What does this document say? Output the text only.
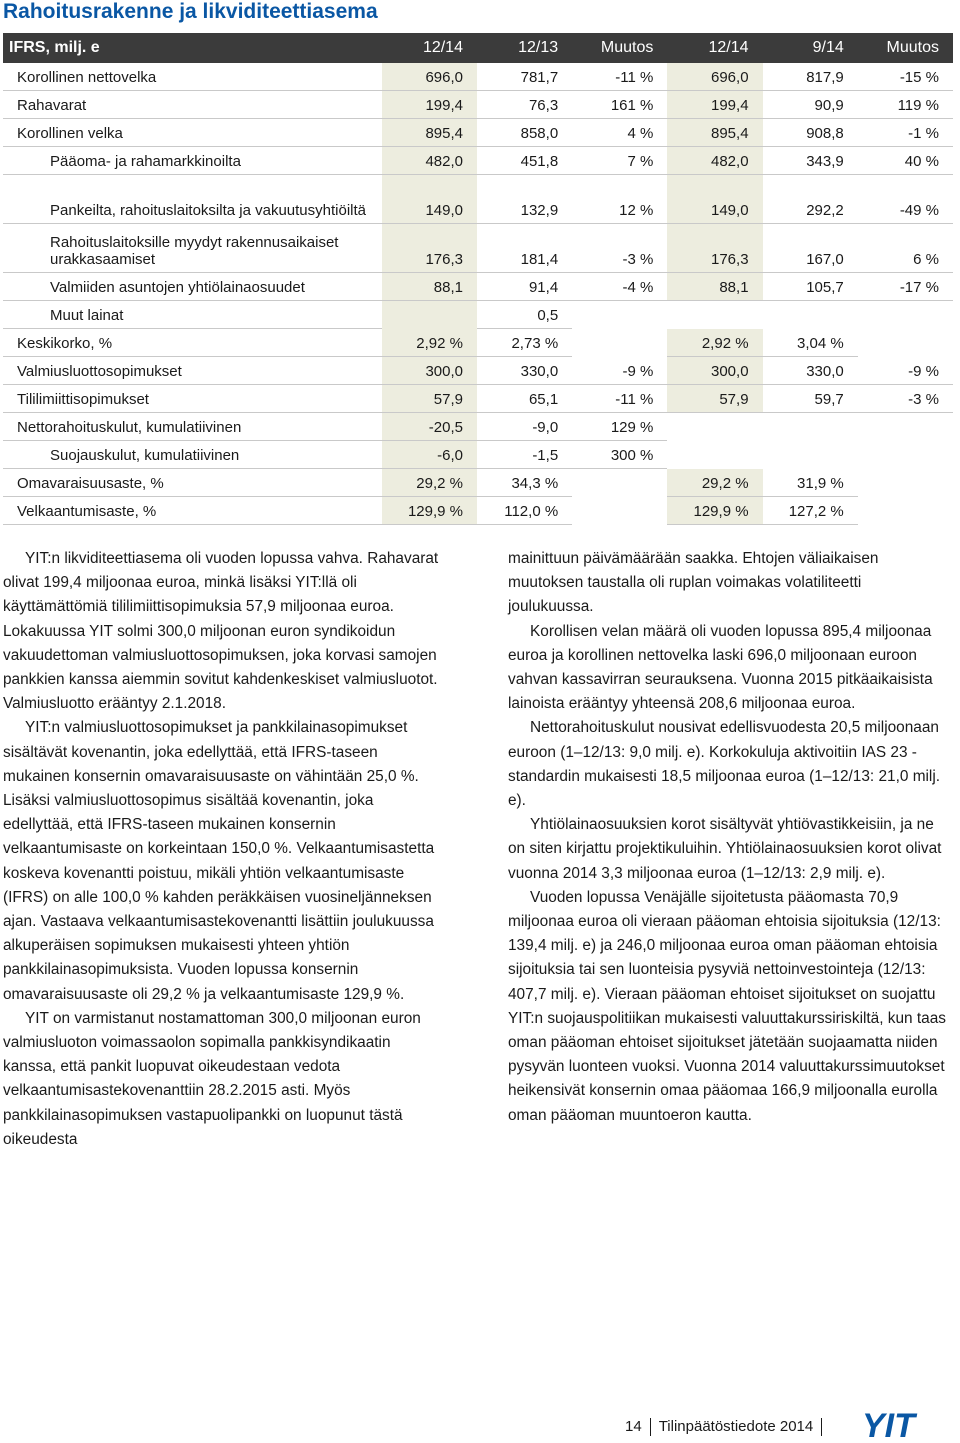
Rahoitusrakenne ja likviditeettiasema
IFRS, milj. e	12/14	12/13	Muutos	12/14	9/14	Muutos
Korollinen nettovelka	696,0	781,7	-11 %	696,0	817,9	-15 %
Rahavarat	199,4	76,3	161 %	199,4	90,9	119 %
Korollinen velka	895,4	858,0	4 %	895,4	908,8	-1 %
Pääoma- ja rahamarkkinoilta	482,0	451,8	7 %	482,0	343,9	40 %
Pankeilta, rahoituslaitoksilta ja vakuutusyhtiöiltä	149,0	132,9	12 %	149,0	292,2	-49 %
Rahoituslaitoksille myydyt rakennusaikaiset urakkasaamiset	176,3	181,4	-3 %	176,3	167,0	6 %
Valmiiden asuntojen yhtiölainaosuudet	88,1	91,4	-4 %	88,1	105,7	-17 %
Muut lainat		0,5				
Keskikorko, %	2,92 %	2,73 %		2,92 %	3,04 %	
Valmiusluottosopimukset	300,0	330,0	-9 %	300,0	330,0	-9 %
Tililimiittisopimukset	57,9	65,1	-11 %	57,9	59,7	-3 %
Nettorahoituskulut, kumulatiivinen	-20,5	-9,0	129 %			
Suojauskulut, kumulatiivinen	-6,0	-1,5	300 %			
Omavaraisuusaste, %	29,2 %	34,3 %		29,2 %	31,9 %	
Velkaantumisaste, %	129,9 %	112,0 %		129,9 %	127,2 %	

YIT:n likviditeettiasema oli vuoden lopussa vahva. Rahavarat olivat 199,4 miljoonaa euroa, minkä lisäksi YIT:llä oli käyttämättömiä tililimiittisopimuksia 57,9 miljoonaa euroa. Lokakuussa YIT solmi 300,0 miljoonan euron syndikoidun vakuudettoman valmiusluottosopimuksen, joka korvasi samojen pankkien kanssa aiemmin sovitut kahdenkeskiset valmiusluotot. Valmiusluotto erääntyy 2.1.2018.

YIT:n valmiusluottosopimukset ja pankkilainasopimukset sisältävät kovenantin, joka edellyttää, että IFRS-taseen mukainen konsernin omavaraisuusaste on vähintään 25,0 %. Lisäksi valmiusluottosopimus sisältää kovenantin, joka edellyttää, että IFRS-taseen mukainen konsernin velkaantumisaste on korkeintaan 150,0 %. Velkaantumisastetta koskeva kovenantti poistuu, mikäli yhtiön velkaantumisaste (IFRS) on alle 100,0 % kahden peräkkäisen vuosineljänneksen ajan. Vastaava velkaantumisastekovenantti lisättiin joulukuussa alkuperäisen sopimuksen mukaisesti yhteen yhtiön pankkilainasopimuksista. Vuoden lopussa konsernin omavaraisuusaste oli 29,2 % ja velkaantumisaste 129,9 %.

YIT on varmistanut nostamattoman 300,0 miljoonan euron valmiusluoton voimassaolon sopimalla pankkisyndikaatin kanssa, että pankit luopuvat oikeudestaan vedota velkaantumisastekovenanttiin 28.2.2015 asti. Myös pankkilainasopimuksen vastapuolipankki on luopunut tästä oikeudesta

mainittuun päivämäärään saakka. Ehtojen väliaikaisen muutoksen taustalla oli ruplan voimakas volatiliteetti joulukuussa.

Korollisen velan määrä oli vuoden lopussa 895,4 miljoonaa euroa ja korollinen nettovelka laski 696,0 miljoonaan euroon vahvan kassavirran seurauksena. Vuonna 2015 pitkäaikaisista lainoista erääntyy yhteensä 208,6 miljoonaa euroa.

Nettorahoituskulut nousivat edellisvuodesta 20,5 miljoonaan euroon (1–12/13: 9,0 milj. e). Korkokuluja aktivoitiin IAS 23 -standardin mukaisesti 18,5 miljoonaa euroa (1–12/13: 21,0 milj. e).

Yhtiölainaosuuksien korot sisältyvät yhtiövastikkeisiin, ja ne on siten kirjattu projektikuluihin. Yhtiölainaosuuksien korot olivat vuonna 2014 3,3 miljoonaa euroa (1–12/13: 2,9 milj. e).

Vuoden lopussa Venäjälle sijoitetusta pääomasta 70,9 miljoonaa euroa oli vieraan pääoman ehtoisia sijoituksia (12/13: 139,4 milj. e) ja 246,0 miljoonaa euroa oman pääoman ehtoisia sijoituksia tai sen luonteisia pysyviä nettoinvestointeja (12/13: 407,7 milj. e). Vieraan pääoman ehtoiset sijoitukset on suojattu YIT:n suojauspolitiikan mukaisesti valuuttakurssiriskiltä, kun taas oman pääoman ehtoiset sijoitukset jätetään suojaamatta niiden pysyvän luonteen vuoksi. Vuonna 2014 valuuttakurssimuutokset heikensivät konsernin omaa pääomaa 166,9 miljoonalla eurolla oman pääoman muuntoeron kautta.

14 Tilinpäätöstiedote 2014	YIT
